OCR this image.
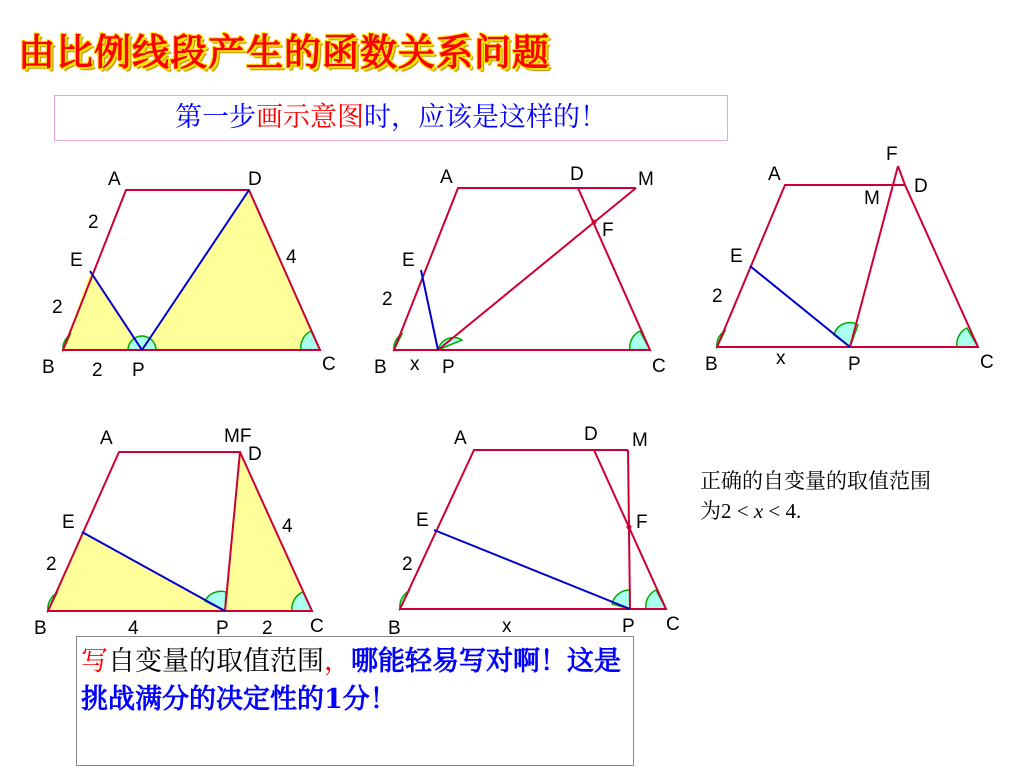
由比例线段产生的函数关系问题
第一步画示意图时，应该是这样的！
A	D
E
B	P	C
2
2
2
4
A	D	M
F
E
B	P	C
2
x
A
F
M
D
E
B	P	C
2
x
A	MF
D
E
B	P	C
2
4	2
4
A	D M
E	F
B	P C
2
x
正确的自变量的取值范围
为2 < x < 4.
写自变量的取值范围，哪能轻易写对啊！这是挑战满分的决定性的1分！
